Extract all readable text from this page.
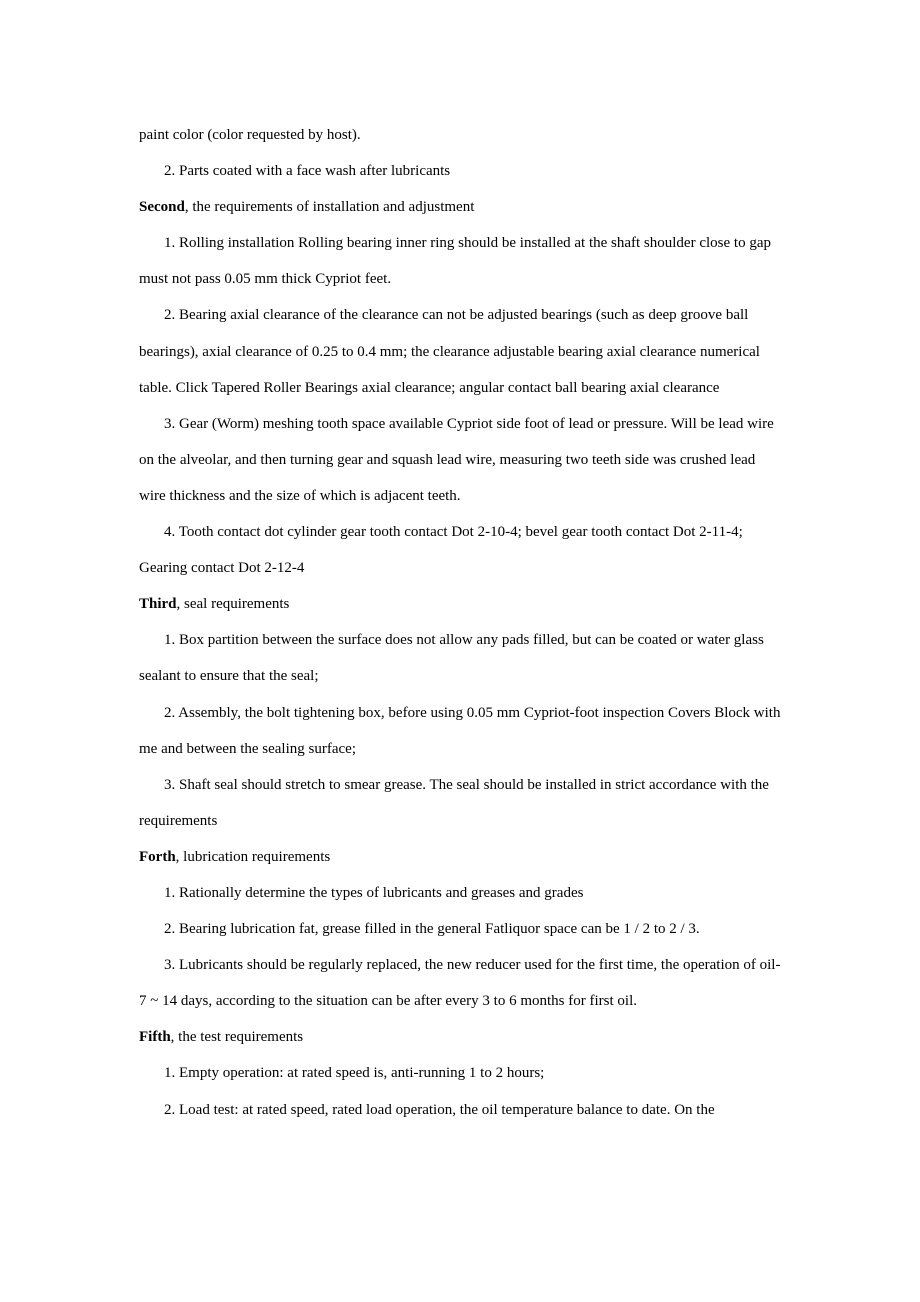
paint color (color requested by host).

2. Parts coated with a face wash after lubricants

Second, the requirements of installation and adjustment

1. Rolling installation Rolling bearing inner ring should be installed at the shaft shoulder close to gap must not pass 0.05 mm thick Cypriot feet.

2. Bearing axial clearance of the clearance can not be adjusted bearings (such as deep groove ball bearings), axial clearance of 0.25 to 0.4 mm; the clearance adjustable bearing axial clearance numerical table. Click Tapered Roller Bearings axial clearance; angular contact ball bearing axial clearance

3. Gear (Worm) meshing tooth space available Cypriot side foot of lead or pressure. Will be lead wire on the alveolar, and then turning gear and squash lead wire, measuring two teeth side was crushed lead wire thickness and the size of which is adjacent teeth.

4. Tooth contact dot cylinder gear tooth contact Dot 2-10-4; bevel gear tooth contact Dot 2-11-4; Gearing contact Dot 2-12-4

Third, seal requirements

1. Box partition between the surface does not allow any pads filled, but can be coated or water glass sealant to ensure that the seal;

2. Assembly, the bolt tightening box, before using 0.05 mm Cypriot-foot inspection Covers Block with me and between the sealing surface;

3. Shaft seal should stretch to smear grease. The seal should be installed in strict accordance with the requirements

Forth, lubrication requirements

1. Rationally determine the types of lubricants and greases and grades

2. Bearing lubrication fat, grease filled in the general Fatliquor space can be 1 / 2 to 2 / 3.

3. Lubricants should be regularly replaced, the new reducer used for the first time, the operation of oil-7 ~ 14 days, according to the situation can be after every 3 to 6 months for first oil.

Fifth, the test requirements

1. Empty operation: at rated speed is, anti-running 1 to 2 hours;

2. Load test: at rated speed, rated load operation, the oil temperature balance to date. On the
